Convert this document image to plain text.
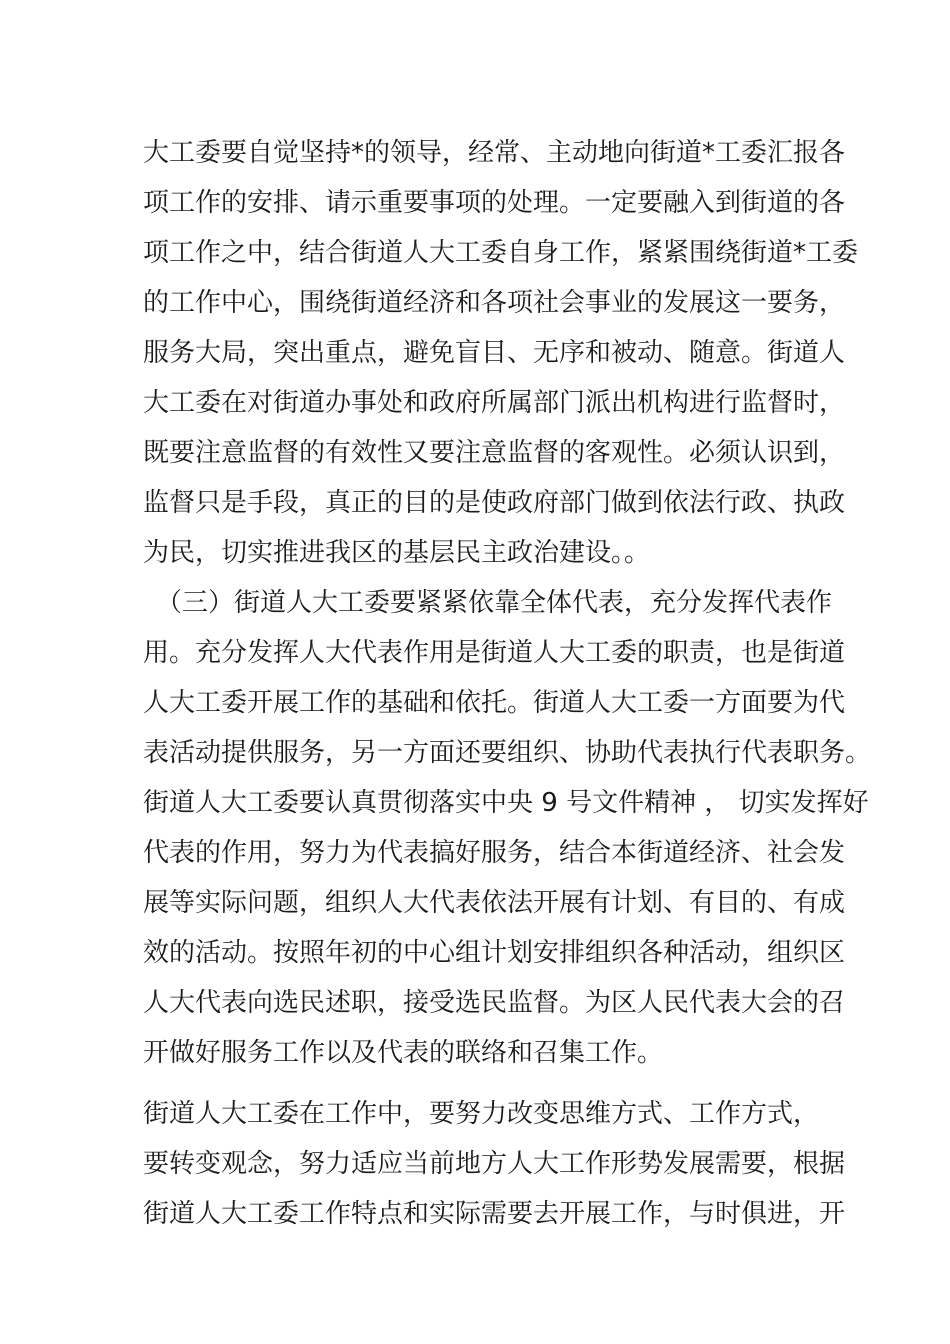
大工委要自觉坚持*的领导，经常、主动地向街道*工委汇报各
项工作的安排、请示重要事项的处理。一定要融入到街道的各
项工作之中，结合街道人大工委自身工作，紧紧围绕街道*工委
的工作中心，围绕街道经济和各项社会事业的发展这一要务，
服务大局，突出重点，避免盲目、无序和被动、随意。街道人
大工委在对街道办事处和政府所属部门派出机构进行监督时，
既要注意监督的有效性又要注意监督的客观性。必须认识到，
监督只是手段，真正的目的是使政府部门做到依法行政、执政
为民，切实推进我区的基层民主政治建设。。
　（三）街道人大工委要紧紧依靠全体代表，充分发挥代表作
用。充分发挥人大代表作用是街道人大工委的职责，也是街道
人大工委开展工作的基础和依托。街道人大工委一方面要为代
表活动提供服务，另一方面还要组织、协助代表执行代表职务。
街道人大工委要认真贯彻落实中央 9 号文件精神 ， 切实发挥好
代表的作用，努力为代表搞好服务，结合本街道经济、社会发
展等实际问题，组织人大代表依法开展有计划、有目的、有成
效的活动。按照年初的中心组计划安排组织各种活动，组织区
人大代表向选民述职，接受选民监督。为区人民代表大会的召
开做好服务工作以及代表的联络和召集工作。
街道人大工委在工作中，要努力改变思维方式、工作方式，
要转变观念，努力适应当前地方人大工作形势发展需要，根据
街道人大工委工作特点和实际需要去开展工作，与时俱进，开
